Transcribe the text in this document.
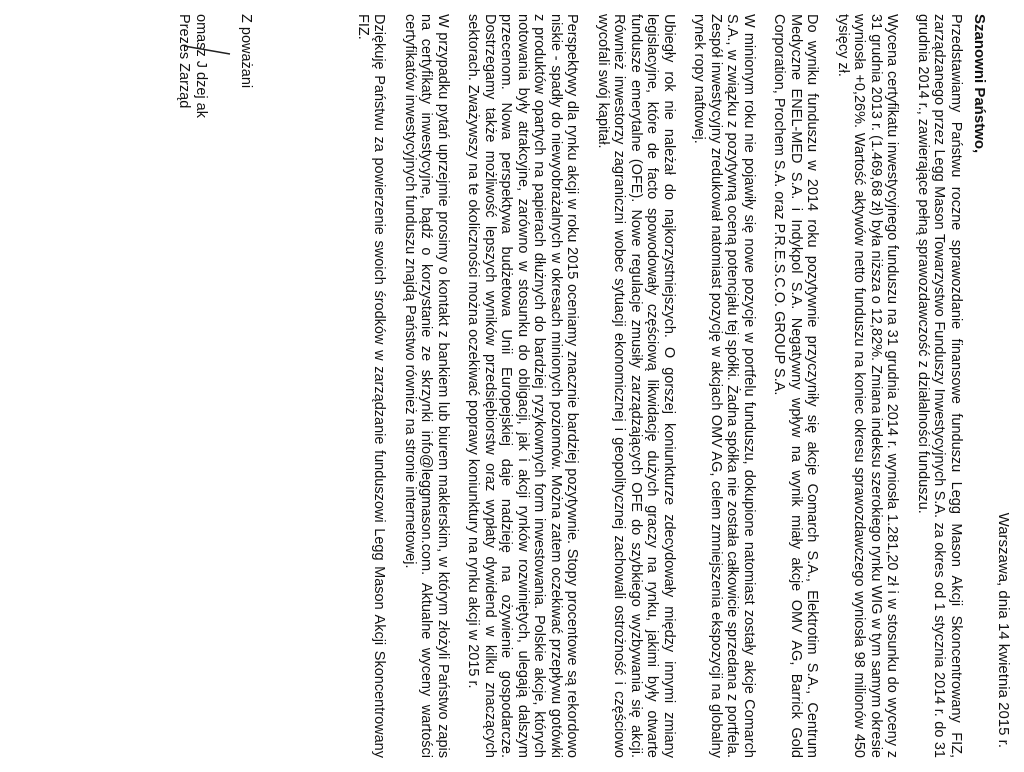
Warszawa, dnia 14 kwietnia 2015 r.
Szanowni Państwo,

Przedstawiamy Państwu roczne sprawozdanie finansowe funduszu Legg Mason Akcji Skoncentrowany FIZ, zarządzanego przez Legg Mason Towarzystwo Funduszy Inwestycyjnych S.A. za okres od 1 stycznia 2014 r. do 31 grudnia 2014 r., zawierające pełną sprawozdawczość z działalności funduszu.

Wycena certyfikatu inwestycyjnego funduszu na 31 grudnia 2014 r. wyniosła 1.281,20 zł i w stosunku do wyceny z 31 grudnia 2013 r. (1.469,68 zł) była niższa o 12,82%. Zmiana indeksu szerokiego rynku WIG w tym samym okresie wyniosła +0,26%. Wartość aktywów netto funduszu na koniec okresu sprawozdawczego wyniosła 98 milionów 450 tysięcy zł.

Do wyniku funduszu w 2014 roku pozytywnie przyczyniły się akcje Comarch S.A., Elektrotim S.A., Centrum Medyczne ENEL-MED S.A. i Indykpol S.A. Negatywny wpływ na wynik miały akcje OMV AG, Barrick Gold Corporation, Prochem S.A. oraz P.R.E.S.C.O. GROUP S.A.

W minionym roku nie pojawiły się nowe pozycje w portfelu funduszu, dokupione natomiast zostały akcje Comarch S.A., w związku z pozytywną oceną potencjału tej spółki. Żadna spółka nie została całkowicie sprzedana z portfela. Zespół inwestycyjny zredukował natomiast pozycję w akcjach OMV AG, celem zmniejszenia ekspozycji na globalny rynek ropy naftowej.

Ubiegły rok nie należał do najkorzystniejszych. O gorszej koniunkturze zdecydowały między innymi zmiany legislacyjne, które de facto spowodowały częściową likwidację dużych graczy na rynku, jakimi były otwarte fundusze emerytalne (OFE). Nowe regulacje zmusiły zarządzających OFE do szybkiego wyzbywania się akcji. Również inwestorzy zagraniczni wobec sytuacji ekonomicznej i geopolitycznej zachowali ostrożność i częściowo wycofali swój kapitał.

Perspektywy dla rynku akcji w roku 2015 oceniamy znacznie bardziej pozytywnie. Stopy procentowe są rekordowo niskie - spadły do niewyobrażalnych w okresach minionych poziomów. Można zatem oczekiwać przepływu gotówki z produktów opartych na papierach dłużnych do bardziej ryzykownych form inwestowania. Polskie akcje, których notowania były atrakcyjne, zarówno w stosunku do obligacji, jak i akcji rynków rozwiniętych, ulegają dalszym przecenom. Nowa perspektywa budżetowa Unii Europejskiej daje nadzieję na ożywienie gospodarcze. Dostrzegamy także możliwość lepszych wyników przedsiębiorstw oraz wypłaty dywidend w kilku znaczących sektorach. Zważywszy na te okoliczności można oczekiwać poprawy koniunktury na rynku akcji w 2015 r.

W przypadku pytań uprzejmie prosimy o kontakt z bankiem lub biurem maklerskim, w którym złożyli Państwo zapis na certyfikaty inwestycyjne, bądź o korzystanie ze skrzynki info@leggmason.com. Aktualne wyceny wartości certyfikatów inwestycyjnych funduszu znajdą Państwo również na stronie internetowej.

Dziękuję Państwu za powierzenie swoich środków w zarządzanie funduszowi Legg Mason Akcji Skoncentrowany FIZ.

Z poważani
omasz J dzej ak
Prezes Zarząd
